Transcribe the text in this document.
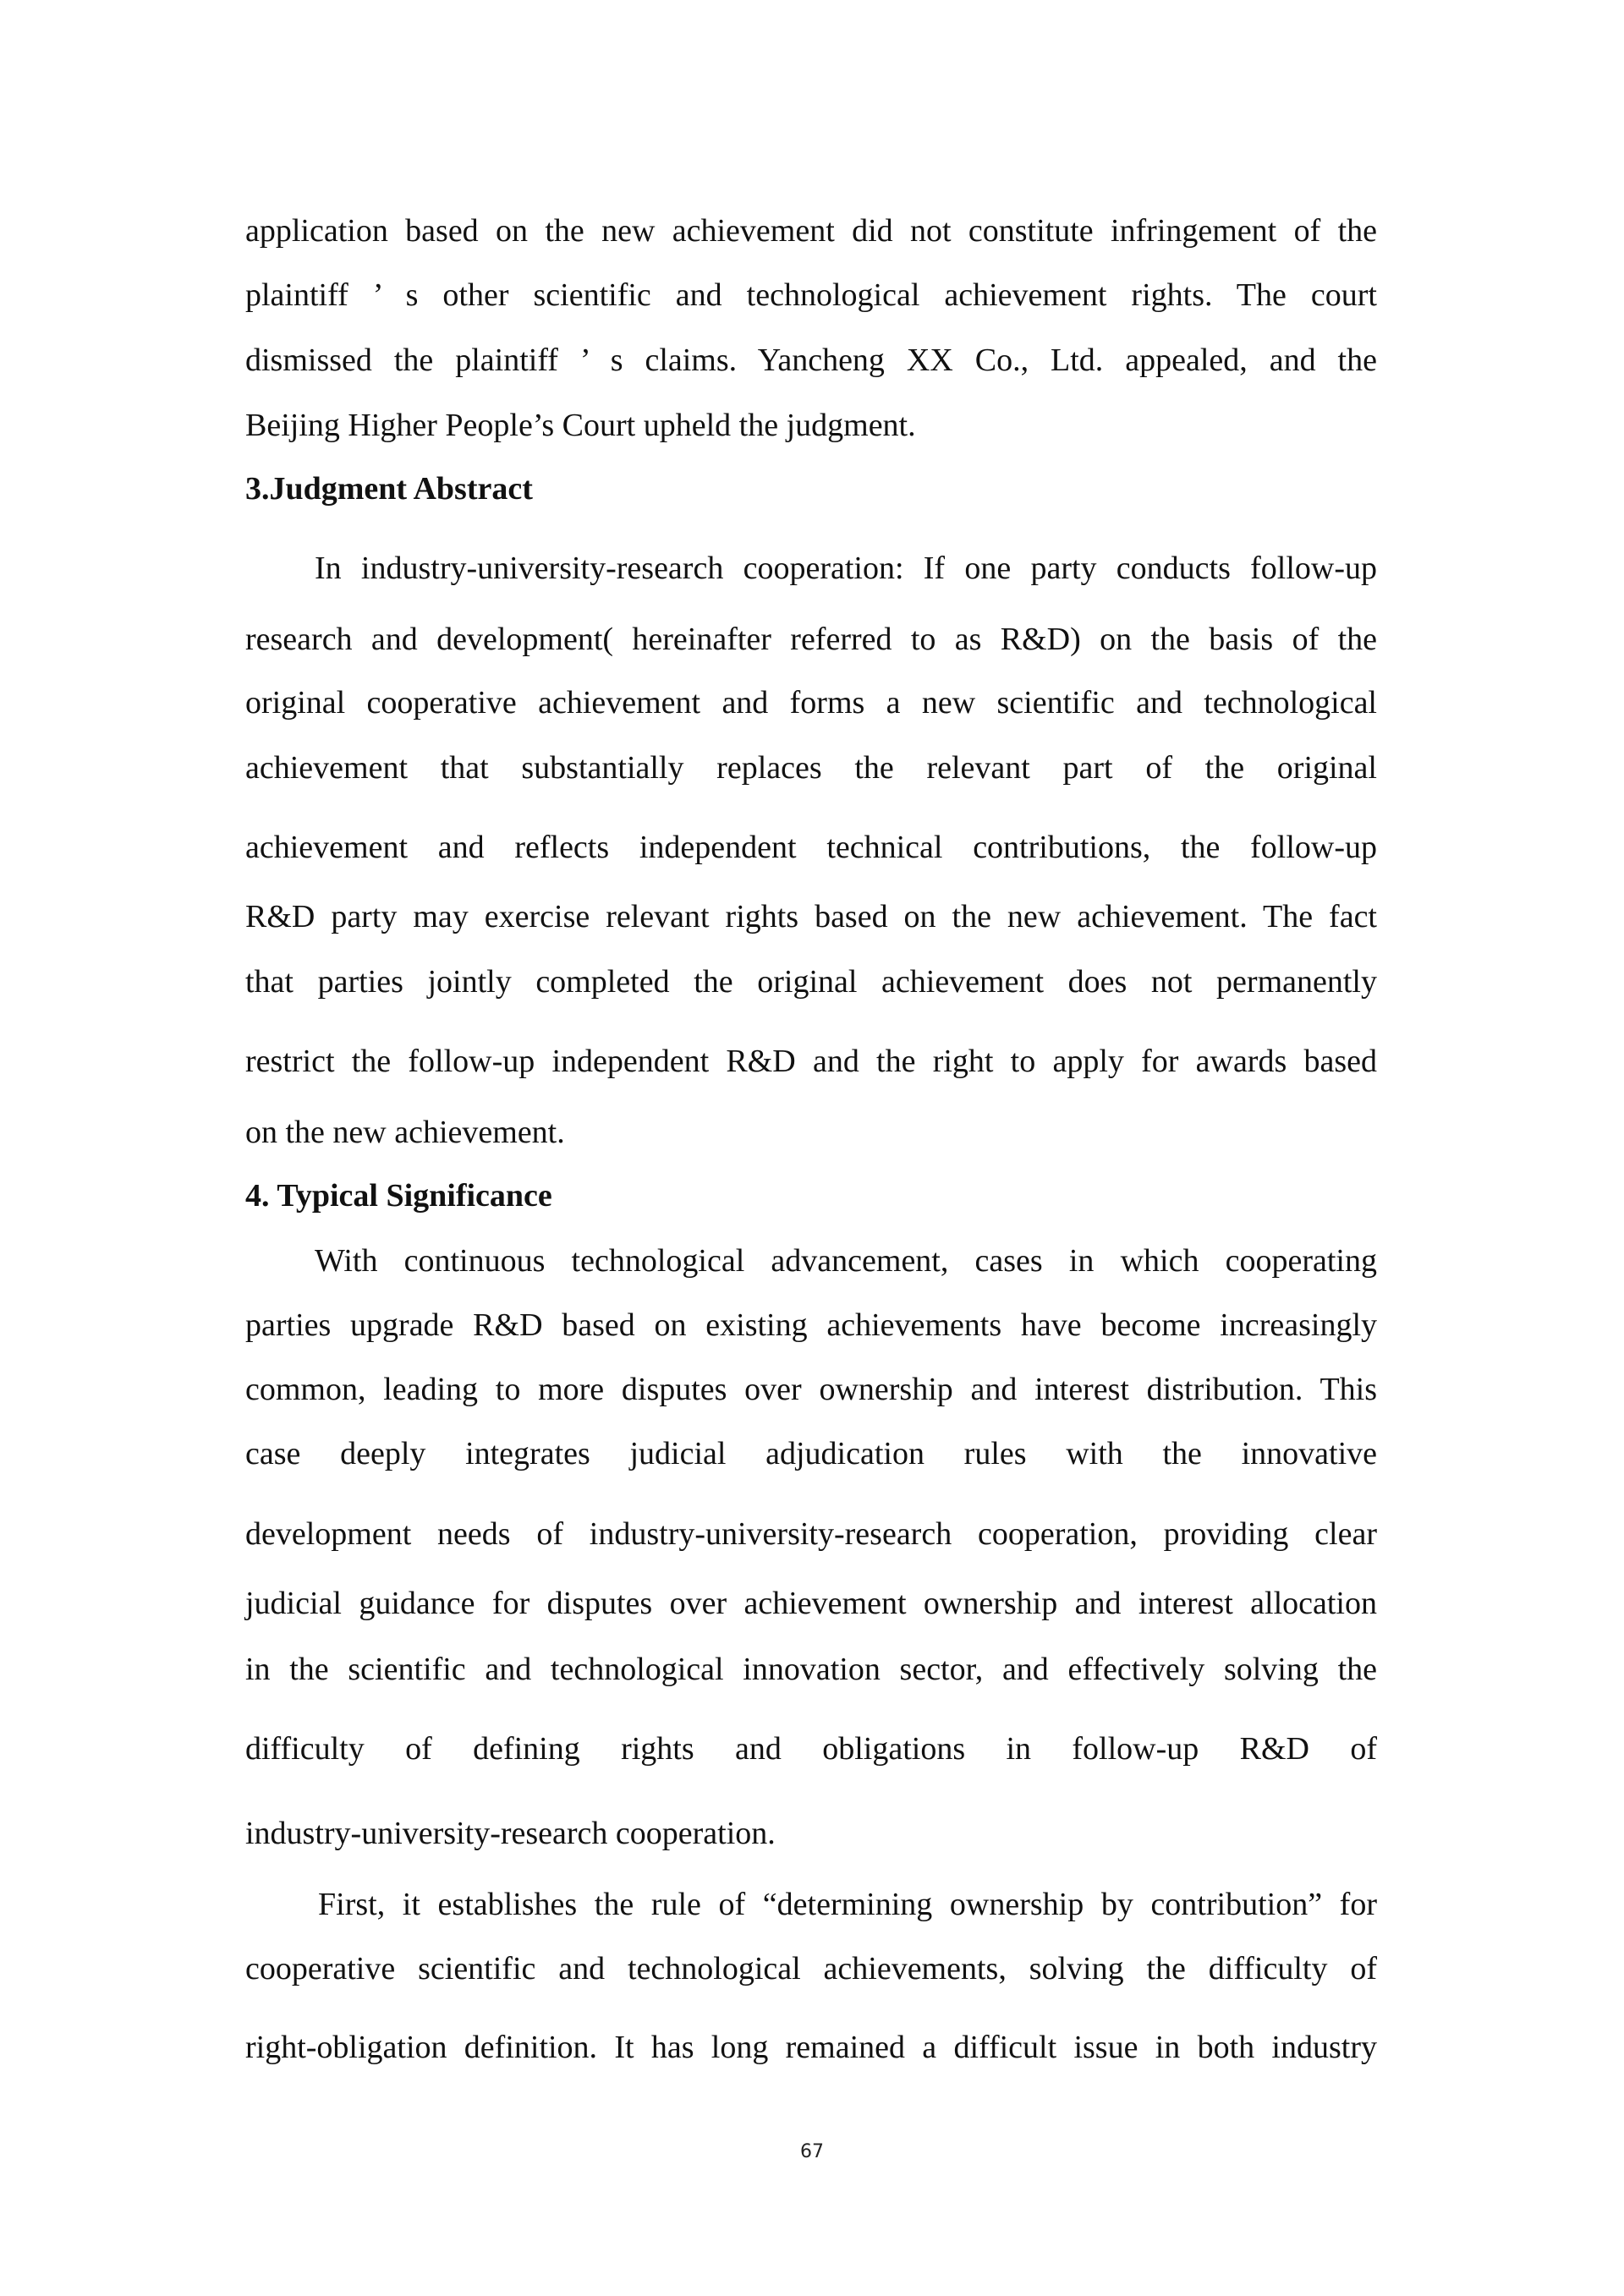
application based on the new achievement did not constitute infringement of the
plaintiff ’ s other scientific and technological achievement rights. The court
dismissed the plaintiff ’ s claims. Yancheng XX Co., Ltd. appealed, and the
Beijing Higher People’s Court upheld the judgment.
3.Judgment Abstract
In industry-university-research cooperation: If one party conducts follow-up
research and development( hereinafter referred to as R&D) on the basis of the
original cooperative achievement and forms a new scientific and technological
achievement that substantially replaces the relevant part of the original
achievement and reflects independent technical contributions, the follow-up
R&D party may exercise relevant rights based on the new achievement. The fact
that parties jointly completed the original achievement does not permanently
restrict the follow-up independent R&D and the right to apply for awards based
on the new achievement.
4. Typical Significance
With continuous technological advancement, cases in which cooperating
parties upgrade R&D based on existing achievements have become increasingly
common, leading to more disputes over ownership and interest distribution. This
case deeply integrates judicial adjudication rules with the innovative
development needs of industry-university-research cooperation, providing clear
judicial guidance for disputes over achievement ownership and interest allocation
in the scientific and technological innovation sector, and effectively solving the
difficulty of defining rights and obligations in follow-up R&D of
industry-university-research cooperation.
First, it establishes the rule of “determining ownership by contribution” for
cooperative scientific and technological achievements, solving the difficulty of
right-obligation definition. It has long remained a difficult issue in both industry
67
